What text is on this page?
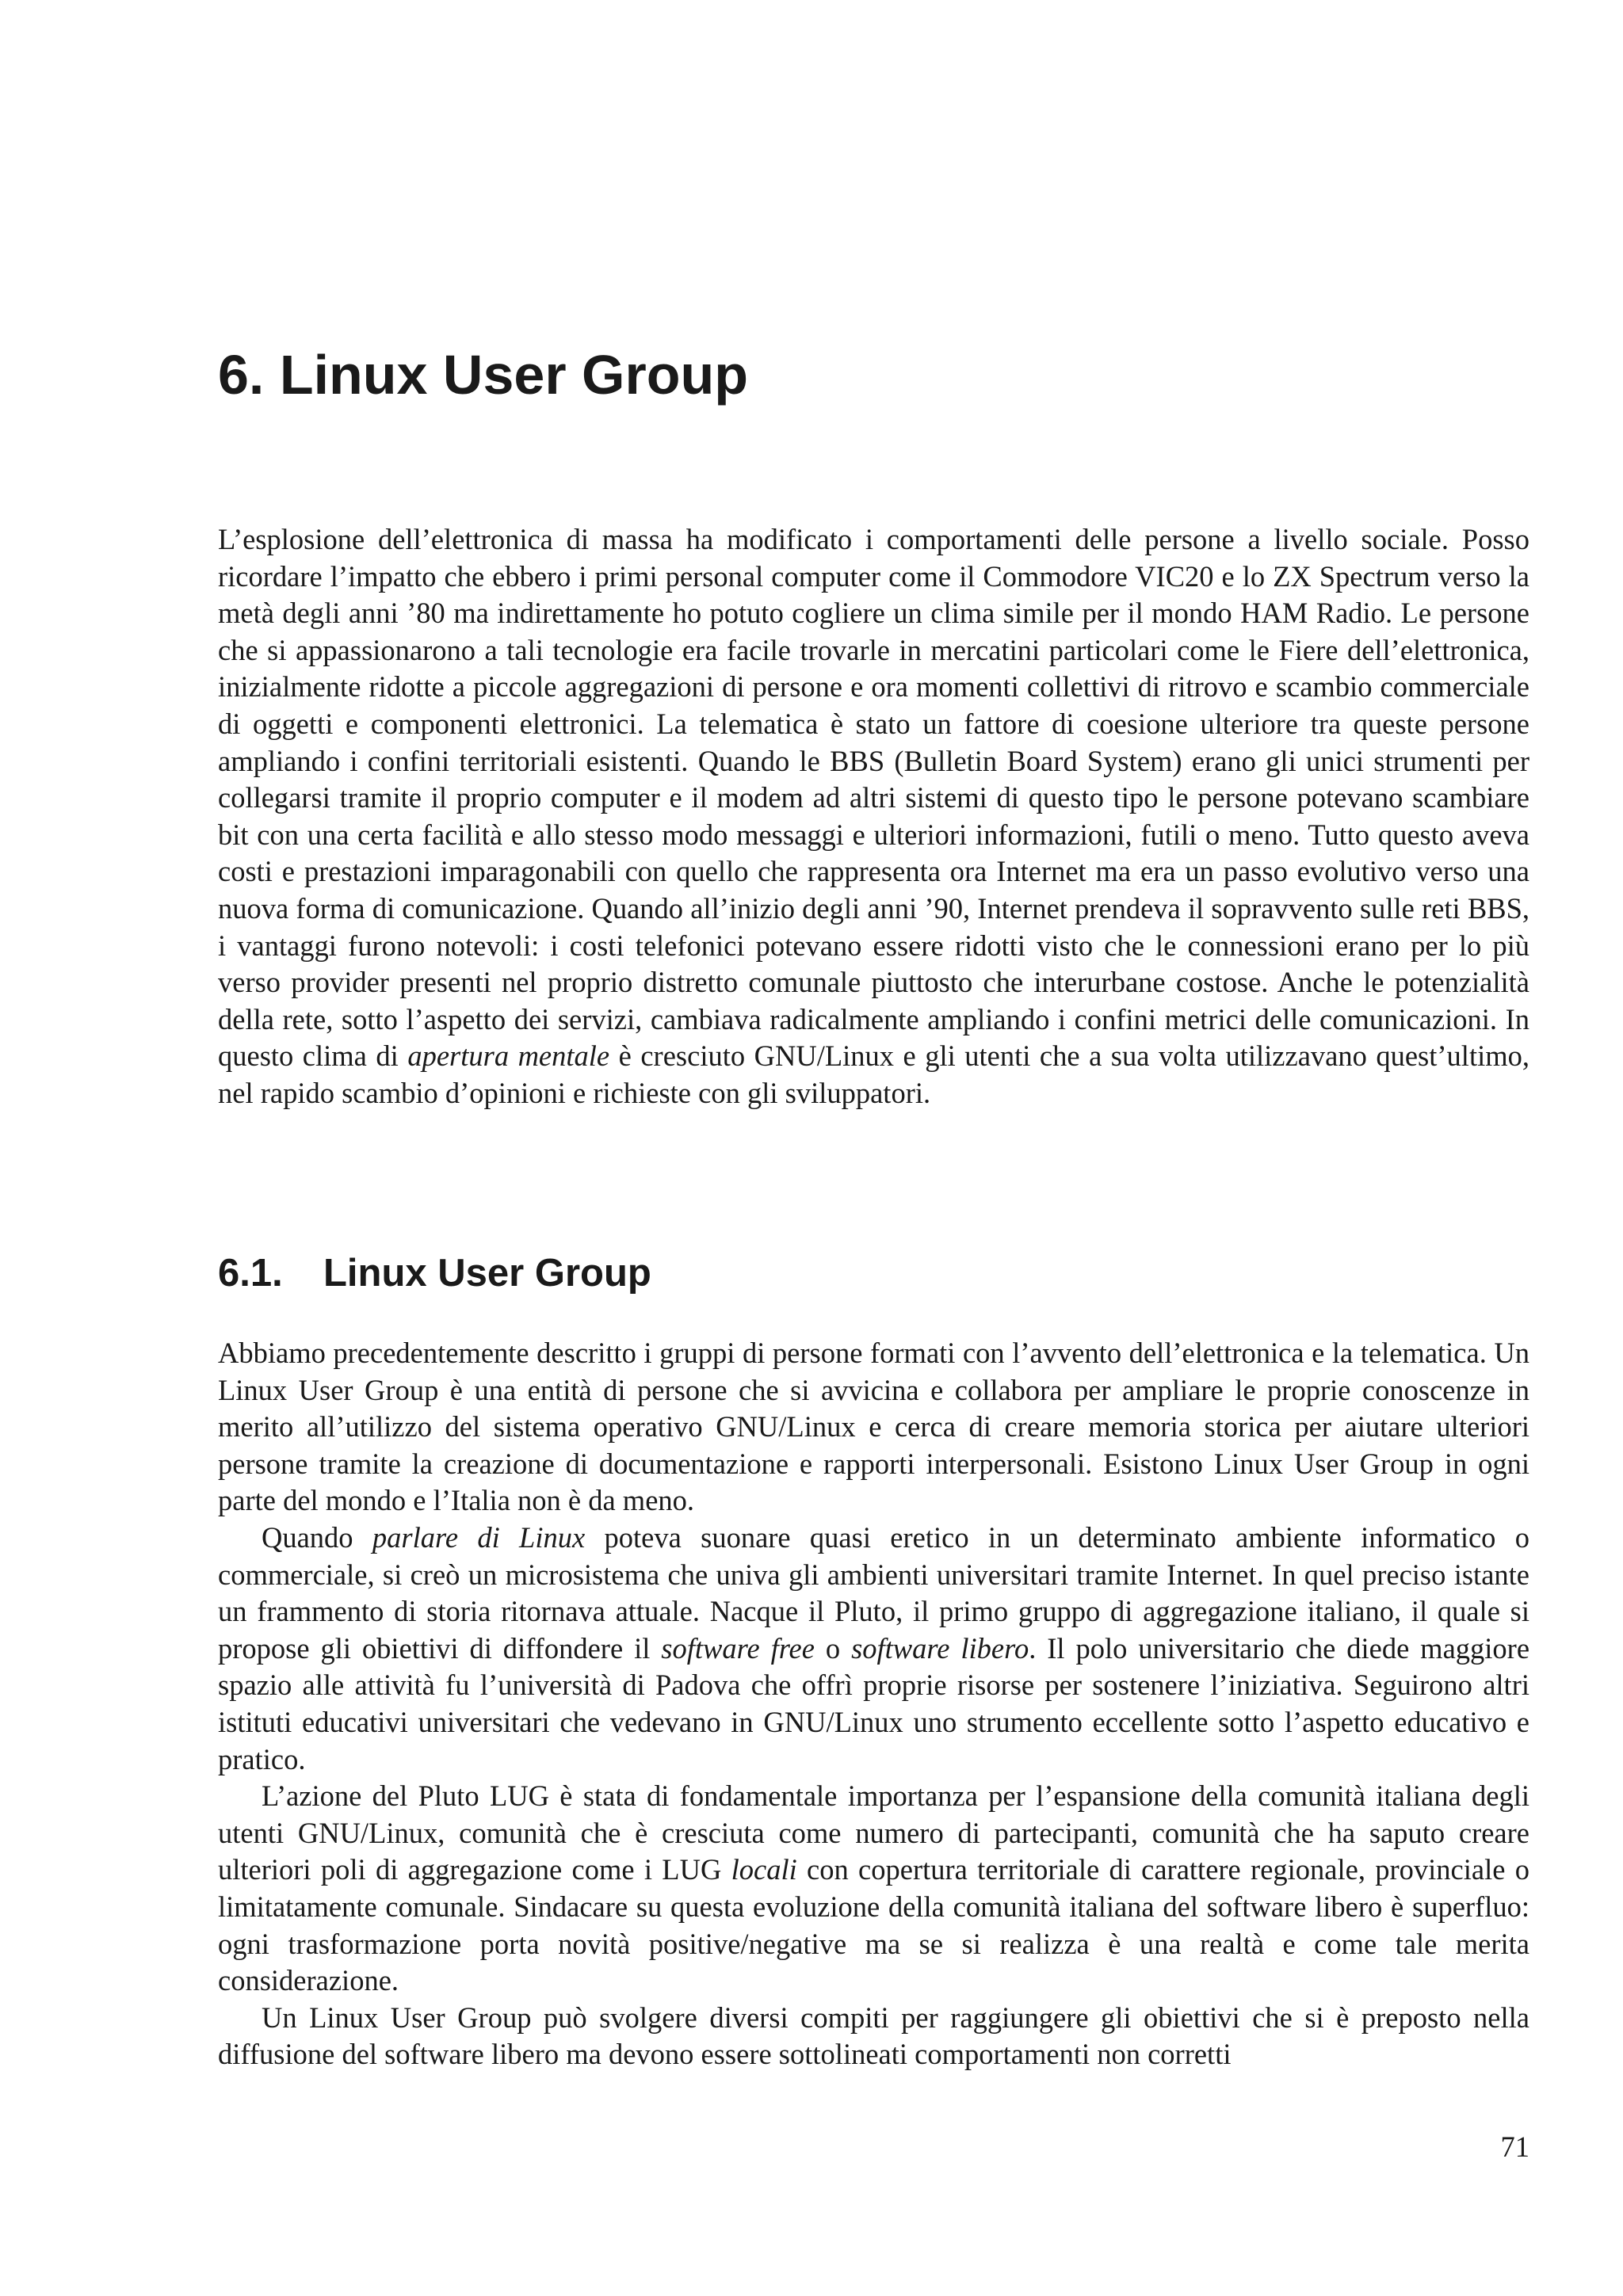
6. Linux User Group

L’esplosione dell’elettronica di massa ha modificato i comportamenti delle persone a livello sociale. Posso ricordare l’impatto che ebbero i primi personal computer come il Commodore VIC20 e lo ZX Spectrum verso la metà degli anni ’80 ma indirettamente ho potuto cogliere un clima simile per il mondo HAM Radio. Le persone che si appassionarono a tali tecnologie era facile trovarle in mercatini particolari come le Fiere dell’elettronica, inizialmente ridotte a piccole aggregazioni di persone e ora momenti collettivi di ritrovo e scambio commerciale di oggetti e componenti elettronici. La telematica è stato un fattore di coesione ulteriore tra queste persone ampliando i confini territoriali esistenti. Quando le BBS (Bulletin Board System) erano gli unici strumenti per collegarsi tramite il proprio computer e il modem ad altri sistemi di questo tipo le persone potevano scambiare bit con una certa facilità e allo stesso modo messaggi e ulteriori informazioni, futili o meno. Tutto questo aveva costi e prestazioni imparagonabili con quello che rappresenta ora Internet ma era un passo evolutivo verso una nuova forma di comunicazione. Quando all’inizio degli anni ’90, Internet prendeva il sopravvento sulle reti BBS, i vantaggi furono notevoli: i costi telefonici potevano essere ridotti visto che le connessioni erano per lo più verso provider presenti nel proprio distretto comunale piuttosto che interurbane costose. Anche le potenzialità della rete, sotto l’aspetto dei servizi, cambiava radicalmente ampliando i confini metrici delle comunicazioni. In questo clima di apertura mentale è cresciuto GNU/Linux e gli utenti che a sua volta utilizzavano quest’ultimo, nel rapido scambio d’opinioni e richieste con gli sviluppatori.

6.1. Linux User Group

Abbiamo precedentemente descritto i gruppi di persone formati con l’avvento dell’elettronica e la telematica. Un Linux User Group è una entità di persone che si avvicina e collabora per ampliare le proprie conoscenze in merito all’utilizzo del sistema operativo GNU/Linux e cerca di creare memoria storica per aiutare ulteriori persone tramite la creazione di documentazione e rapporti interpersonali. Esistono Linux User Group in ogni parte del mondo e l’Italia non è da meno.

Quando parlare di Linux poteva suonare quasi eretico in un determinato ambiente informatico o commerciale, si creò un microsistema che univa gli ambienti universitari tramite Internet. In quel preciso istante un frammento di storia ritornava attuale. Nacque il Pluto, il primo gruppo di aggregazione italiano, il quale si propose gli obiettivi di diffondere il software free o software libero. Il polo universitario che diede maggiore spazio alle attività fu l’università di Padova che offrì proprie risorse per sostenere l’iniziativa. Seguirono altri istituti educativi universitari che vedevano in GNU/Linux uno strumento eccellente sotto l’aspetto educativo e pratico.

L’azione del Pluto LUG è stata di fondamentale importanza per l’espansione della comunità italiana degli utenti GNU/Linux, comunità che è cresciuta come numero di partecipanti, comunità che ha saputo creare ulteriori poli di aggregazione come i LUG locali con copertura territoriale di carattere regionale, provinciale o limitatamente comunale. Sindacare su questa evoluzione della comunità italiana del software libero è superfluo: ogni trasformazione porta novità positive/negative ma se si realizza è una realtà e come tale merita considerazione.

Un Linux User Group può svolgere diversi compiti per raggiungere gli obiettivi che si è preposto nella diffusione del software libero ma devono essere sottolineati comportamenti non corretti

71
